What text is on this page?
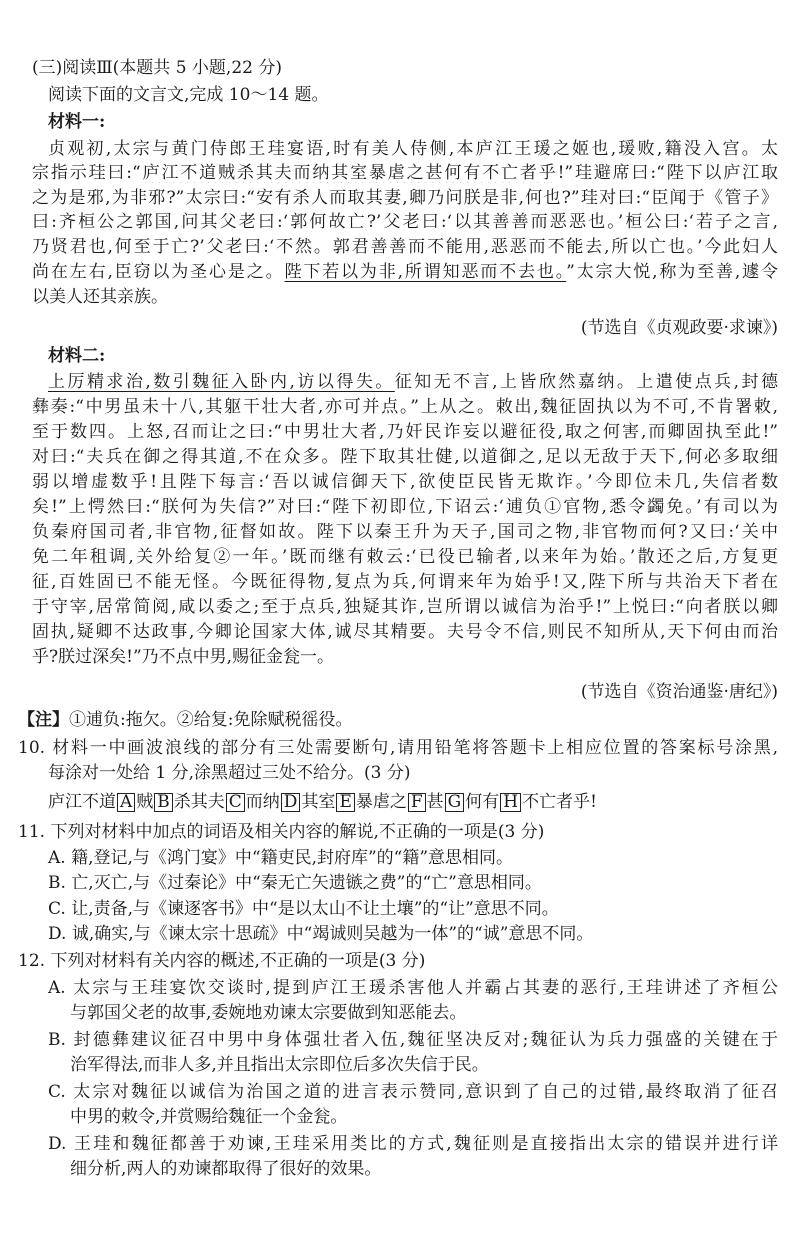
(三)阅读Ⅲ(本题共 5 小题,22 分)
阅读下面的文言文,完成 10～14 题。
材料一:
贞观初,太宗与黄门侍郎王珪宴语,时有美人侍侧,本庐江王瑗之姬也,瑗败,籍没入宫。太
宗指示珪曰:“庐江不道贼杀其夫而纳其室暴虐之甚何有不亡者乎!”珪避席曰:“陛下以庐江取
之为是邪,为非邪?”太宗曰:“安有杀人而取其妻,卿乃问朕是非,何也?”珪对曰:“臣闻于《管子》
曰:齐桓公之郭国,问其父老曰:‘郭何故亡?’父老曰:‘以其善善而恶恶也。’桓公曰:‘若子之言,
乃贤君也,何至于亡?’父老曰:‘不然。郭君善善而不能用,恶恶而不能去,所以亡也。’今此妇人
尚在左右,臣窃以为圣心是之。陛下若以为非,所谓知恶而不去也。”太宗大悦,称为至善,遽令
以美人还其亲族。
(节选自《贞观政要·求谏》)
材料二:
上厉精求治,数引魏征入卧内,访以得失。征知无不言,上皆欣然嘉纳。上遣使点兵,封德
彝奏:“中男虽未十八,其躯干壮大者,亦可并点。”上从之。敕出,魏征固执以为不可,不肯署敕,
至于数四。上怒,召而让之曰:“中男壮大者,乃奸民诈妄以避征役,取之何害,而卿固执至此!”
对曰:“夫兵在御之得其道,不在众多。陛下取其壮健,以道御之,足以无敌于天下,何必多取细
弱以增虚数乎!且陛下每言:‘吾以诚信御天下,欲使臣民皆无欺诈。’今即位未几,失信者数
矣!”上愕然曰:“朕何为失信?”对曰:“陛下初即位,下诏云:‘逋负①官物,悉令蠲免。’有司以为
负秦府国司者,非官物,征督如故。陛下以秦王升为天子,国司之物,非官物而何?又曰:‘关中
免二年租调,关外给复②一年。’既而继有敕云:‘已役已输者,以来年为始。’散还之后,方复更
征,百姓固已不能无怪。今既征得物,复点为兵,何谓来年为始乎!又,陛下所与共治天下者在
于守宰,居常简阅,咸以委之;至于点兵,独疑其诈,岂所谓以诚信为治乎!”上悦曰:“向者朕以卿
固执,疑卿不达政事,今卿论国家大体,诚尽其精要。夫号令不信,则民不知所从,天下何由而治
乎?朕过深矣!”乃不点中男,赐征金瓮一。
(节选自《资治通鉴·唐纪》)
【注】①逋负:拖欠。②给复:免除赋税徭役。
10. 材料一中画波浪线的部分有三处需要断句,请用铅笔将答题卡上相应位置的答案标号涂黑,
每涂对一处给 1 分,涂黑超过三处不给分。(3 分)
庐江不道 A 贼 B 杀其夫 C 而纳 D 其室 E 暴虐之 F 甚 G 何有 H 不亡者乎!
11. 下列对材料中加点的词语及相关内容的解说,不正确的一项是(3 分)
A. 籍,登记,与《鸿门宴》中“籍吏民,封府库”的“籍”意思相同。
B. 亡,灭亡,与《过秦论》中“秦无亡矢遗镞之费”的“亡”意思相同。
C. 让,责备,与《谏逐客书》中“是以太山不让土壤”的“让”意思不同。
D. 诚,确实,与《谏太宗十思疏》中“竭诚则吴越为一体”的“诚”意思不同。
12. 下列对材料有关内容的概述,不正确的一项是(3 分)
A. 太宗与王珪宴饮交谈时,提到庐江王瑗杀害他人并霸占其妻的恶行,王珪讲述了齐桓公
与郭国父老的故事,委婉地劝谏太宗要做到知恶能去。
B. 封德彝建议征召中男中身体强壮者入伍,魏征坚决反对;魏征认为兵力强盛的关键在于
治军得法,而非人多,并且指出太宗即位后多次失信于民。
C. 太宗对魏征以诚信为治国之道的进言表示赞同,意识到了自己的过错,最终取消了征召
中男的敕令,并赏赐给魏征一个金瓮。
D. 王珪和魏征都善于劝谏,王珪采用类比的方式,魏征则是直接指出太宗的错误并进行详
细分析,两人的劝谏都取得了很好的效果。
